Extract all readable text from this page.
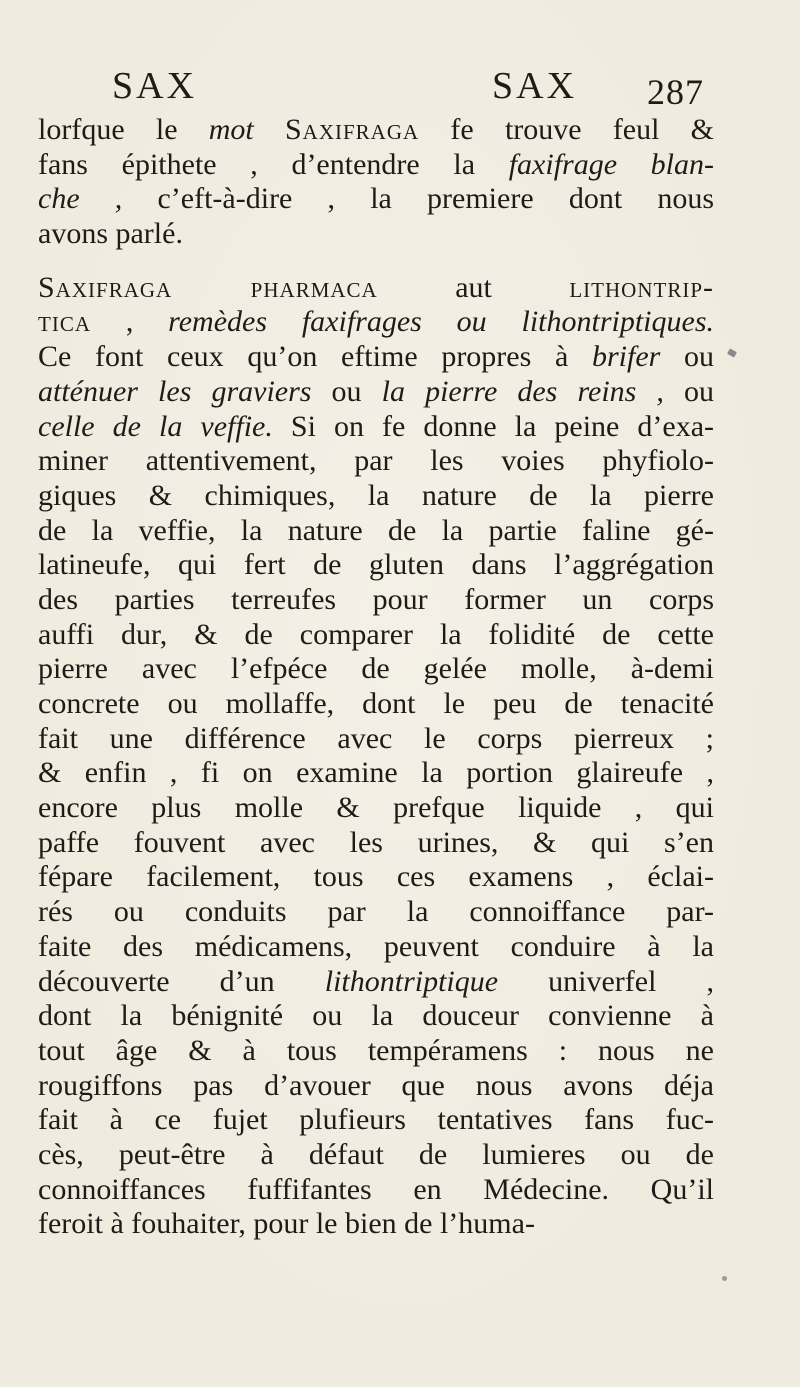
SAX	SAX 287
lorfque le mot Saxifraga fe trouve feul &
fans épithete , d’entendre la faxifrage blan-
che , c’eft-à-dire , la premiere dont nous
avons parlé.
Saxifraga pharmaca aut lithontrip-
tica , remèdes faxifrages ou lithontriptiques.
Ce font ceux qu’on eftime propres à brifer ou
atténuer les graviers ou la pierre des reins , ou
celle de la veffie. Si on fe donne la peine d’exa-
miner attentivement, par les voies phyfiolo-
giques & chimiques, la nature de la pierre
de la veffie, la nature de la partie faline gé-
latineufe, qui fert de gluten dans l’aggrégation
des parties terreufes pour former un corps
auffi dur, & de comparer la folidité de cette
pierre avec l’efpéce de gelée molle, à-demi
concrete ou mollaffe, dont le peu de tenacité
fait une différence avec le corps pierreux ;
& enfin , fi on examine la portion glaireufe ,
encore plus molle & prefque liquide , qui
paffe fouvent avec les urines, & qui s’en
fépare facilement, tous ces examens , éclai-
rés ou conduits par la connoiffance par-
faite des médicamens, peuvent conduire à la
découverte d’un lithontriptique univerfel ,
dont la bénignité ou la douceur convienne à
tout âge & à tous tempéramens : nous ne
rougiffons pas d’avouer que nous avons déja
fait à ce fujet plufieurs tentatives fans fuc-
cès, peut-être à défaut de lumieres ou de
connoiffances fuffifantes en Médecine. Qu’il
feroit à fouhaiter, pour le bien de l’huma-
